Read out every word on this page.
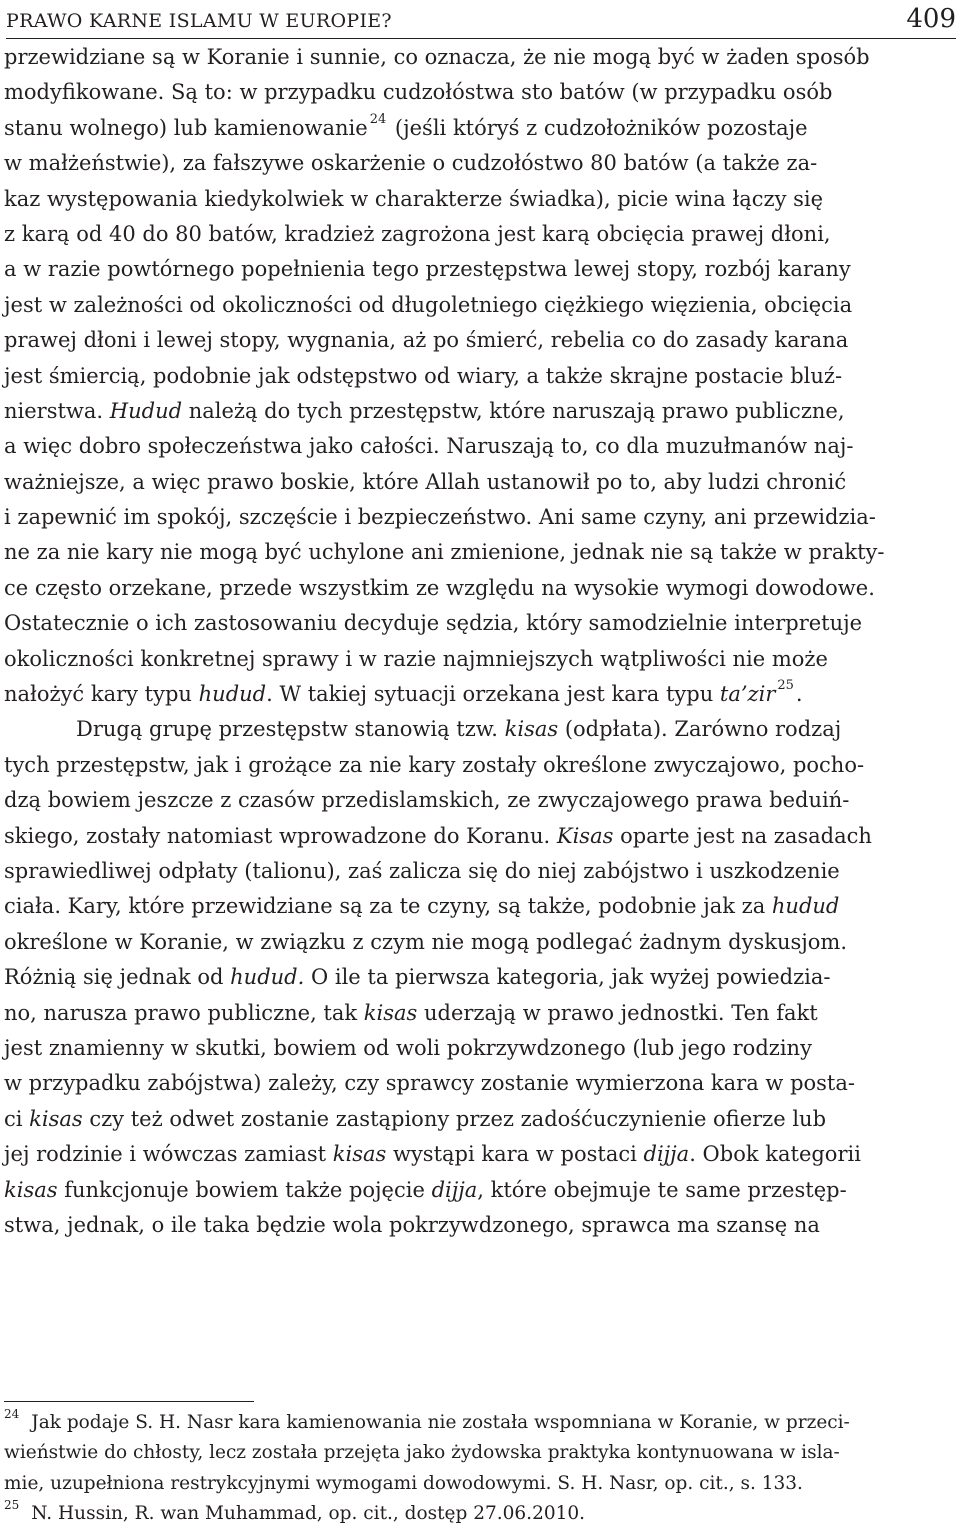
PRAWO KARNE ISLAMU W EUROPIE?	409
przewidziane są w Koranie i sunnie, co oznacza, że nie mogą być w żaden sposób
modyfikowane. Są to: w przypadku cudzołóstwa sto batów (w przypadku osób
stanu wolnego) lub kamienowanie $^{24}$ (jeśli któryś z cudzołożników pozostaje
w małżeństwie), za fałszywe oskarżenie o cudzołóstwo 80 batów (a także za-
kaz występowania kiedykolwiek w charakterze świadka), picie wina łączy się
z karą od 40 do 80 batów, kradzież zagrożona jest karą obcięcia prawej dłoni,
a w razie powtórnego popełnienia tego przestępstwa lewej stopy, rozbój karany
jest w zależności od okoliczności od długoletniego ciężkiego więzienia, obcięcia
prawej dłoni i lewej stopy, wygnania, aż po śmierć, rebelia co do zasady karana
jest śmiercią, podobnie jak odstępstwo od wiary, a także skrajne postacie bluź-
nierstwa. Hudud należą do tych przestępstw, które naruszają prawo publiczne,
a więc dobro społeczeństwa jako całości. Naruszają to, co dla muzułmanów naj-
ważniejsze, a więc prawo boskie, które Allah ustanowił po to, aby ludzi chronić
i zapewnić im spokój, szczęście i bezpieczeństwo. Ani same czyny, ani przewidzia-
ne za nie kary nie mogą być uchylone ani zmienione, jednak nie są także w prakty-
ce często orzekane, przede wszystkim ze względu na wysokie wymogi dowodowe.
Ostatecznie o ich zastosowaniu decyduje sędzia, który samodzielnie interpretuje
okoliczności konkretnej sprawy i w razie najmniejszych wątpliwości nie może
nałożyć kary typu hudud. W takiej sytuacji orzekana jest kara typu ta’zir $^{25}$.
Drugą grupę przestępstw stanowią tzw. kisas (odpłata). Zarówno rodzaj
tych przestępstw, jak i grożące za nie kary zostały określone zwyczajowo, pocho-
dzą bowiem jeszcze z czasów przedislamskich, ze zwyczajowego prawa beduiń-
skiego, zostały natomiast wprowadzone do Koranu. Kisas oparte jest na zasadach
sprawiedliwej odpłaty (talionu), zaś zalicza się do niej zabójstwo i uszkodzenie
ciała. Kary, które przewidziane są za te czyny, są także, podobnie jak za hudud
określone w Koranie, w związku z czym nie mogą podlegać żadnym dyskusjom.
Różnią się jednak od hudud. O ile ta pierwsza kategoria, jak wyżej powiedzia-
no, narusza prawo publiczne, tak kisas uderzają w prawo jednostki. Ten fakt
jest znamienny w skutki, bowiem od woli pokrzywdzonego (lub jego rodziny
w przypadku zabójstwa) zależy, czy sprawcy zostanie wymierzona kara w posta-
ci kisas czy też odwet zostanie zastąpiony przez zadośćuczynienie ofierze lub
jej rodzinie i wówczas zamiast kisas wystąpi kara w postaci dijja. Obok kategorii
kisas funkcjonuje bowiem także pojęcie dijja, które obejmuje te same przestęp-
stwa, jednak, o ile taka będzie wola pokrzywdzonego, sprawca ma szansę na
$^{24}$ Jak podaje S. H. Nasr kara kamienowania nie została wspomniana w Koranie, w przeci-
wieństwie do chłosty, lecz została przejęta jako żydowska praktyka kontynuowana w isla-
mie, uzupełniona restrykcyjnymi wymogami dowodowymi. S. H. Nasr, op. cit., s. 133.
$^{25}$ N. Hussin, R. wan Muhammad, op. cit., dostęp 27.06.2010.
